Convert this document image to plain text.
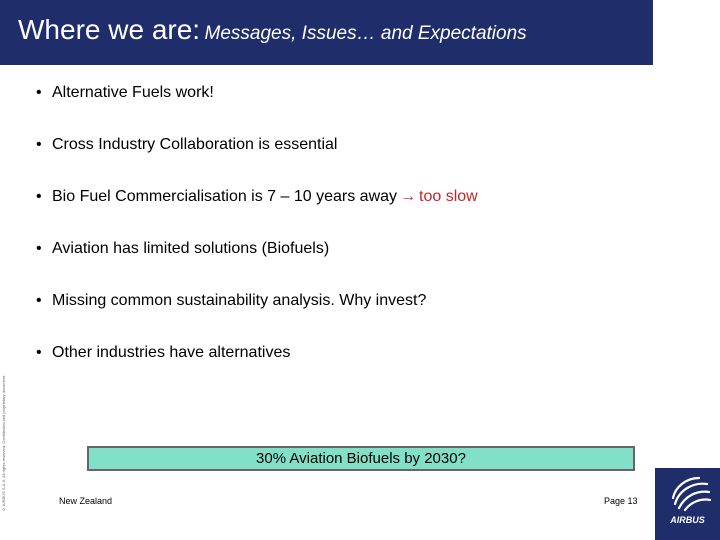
Where we are: Messages, Issues… and Expectations
• Alternative Fuels work!
• Cross Industry Collaboration is essential
• Bio Fuel Commercialisation is 7 – 10 years away → too slow
• Aviation has limited solutions (Biofuels)
• Missing common sustainability analysis. Why invest?
• Other industries have alternatives
© AIRBUS S.A.S. All rights reserved. Confidential and proprietary document.	30% Aviation Biofuels by 2030?
New Zealand	Page 13
AIRBUS
